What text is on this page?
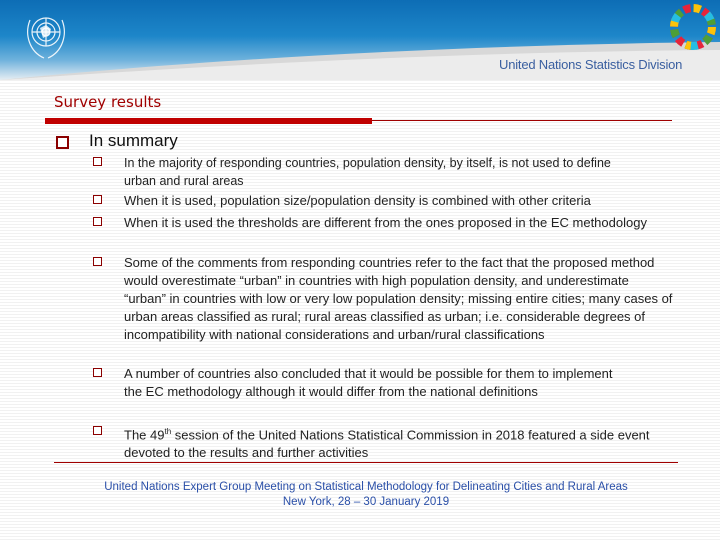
United Nations Statistics Division
Survey results
In summary
In the majority of responding countries, population density, by itself, is not used to define urban and rural areas
When it is used, population size/population density is combined with other criteria
When it is used the thresholds are different from the ones proposed in the EC methodology
Some of the comments from responding countries refer to the fact that the proposed method would overestimate “urban” in countries with high population density, and underestimate “urban” in countries with low or very low population density; missing entire cities; many cases of urban areas classified as rural; rural areas classified as urban; i.e. considerable degrees of incompatibility with national considerations and urban/rural classifications
A number of countries also concluded that it would be possible for them to implement the EC methodology although it would differ from the national definitions
The 49th session of the United Nations Statistical Commission in 2018 featured a side event devoted to the results and further activities
United Nations Expert Group Meeting on Statistical Methodology for Delineating Cities and Rural Areas
New York, 28 – 30 January 2019
